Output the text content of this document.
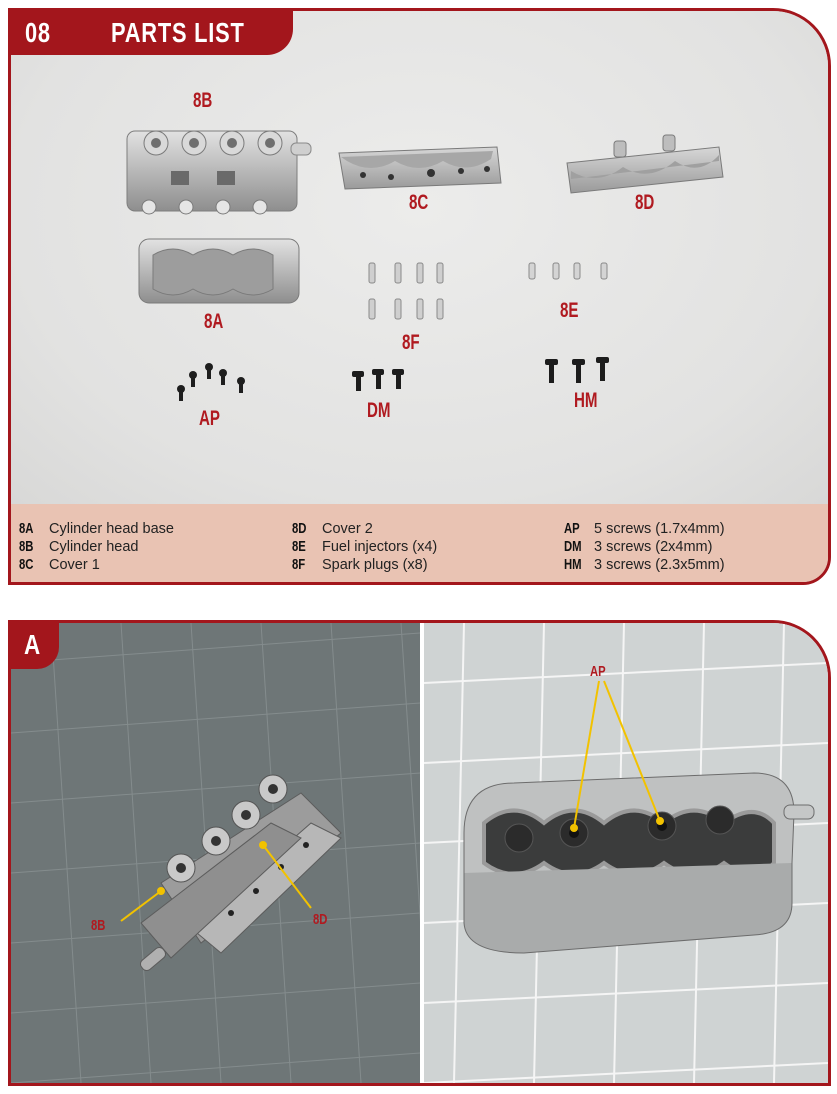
08 PARTS LIST
8B
8C	8D
8A
8F
8E
AP	DM	HM
8A Cylinder head base
8B Cylinder head
8C Cover 1
8D Cover 2
8E Fuel injectors (x4)
8F Spark plugs (x8)
AP 5 screws (1.7x4mm)
DM 3 screws (2x4mm)
HM 3 screws (2.3x5mm)
8B	8D
AP
A
